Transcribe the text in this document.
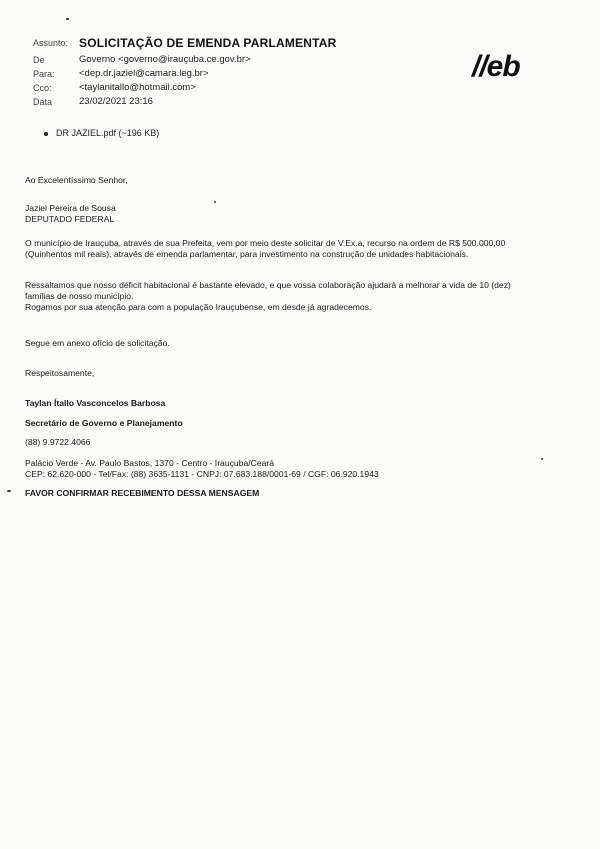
Assunto: SOLICITAÇÃO DE EMENDA PARLAMENTAR
De	Governo <governo@irauçuba.ce.gov.br>
Para:	<dep.dr.jaziel@camara.leg.br>
Cco:	<taylanitallo@hotmail.com>
Data	23/02/2021 23:16
//eb
DR JAZIEL.pdf (~196 KB)
Ao Excelentíssimo Senhor,
Jaziel Pereira de Sousa
DEPUTADO FEDERAL
O município de Irauçuba, através de sua Prefeita, vem por meio deste solicitar de V.Ex.a, recurso na ordem de R$ 500.000,00
(Quinhentos mil reais), através de emenda parlamentar, para investimento na construção de unidades habitacionais.
Ressaltamos que nosso déficit habitacional é bastante elevado, e que vossa colaboração ajudará a melhorar a vida de 10 (dez)
famílias de nosso município.
Rogamos por sua atenção para com a população Irauçubense, em desde já agradecemos.
Segue em anexo ofício de solicitação.
Respeitosamente,
Taylan Ítallo Vasconcelos Barbosa
Secretário de Governo e Planejamento
(88) 9.9722.4066
Palácio Verde - Av. Paulo Bastos, 1370 - Centro - Irauçuba/Ceará
CEP: 62.620-000 - Tel/Fax: (88) 3635-1131 - CNPJ: 07.683.188/0001-69 / CGF: 06.920.1943
FAVOR CONFIRMAR RECEBIMENTO DESSA MENSAGEM
